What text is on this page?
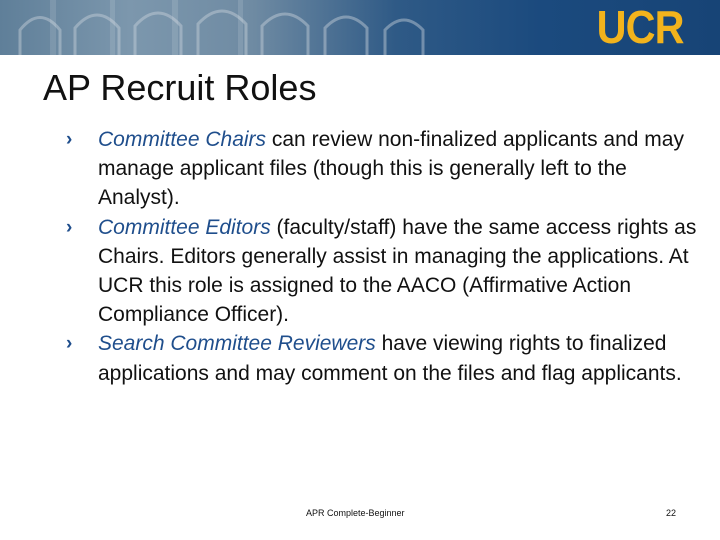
UCR
AP Recruit Roles
› Committee Chairs can review non-finalized applicants and may manage applicant files (though this is generally left to the Analyst).
› Committee Editors (faculty/staff) have the same access rights as Chairs. Editors generally assist in managing the applications. At UCR this role is assigned to the AACO (Affirmative Action Compliance Officer).
› Search Committee Reviewers have viewing rights to finalized applications and may comment on the files and flag applicants.
APR Complete-Beginner	22
